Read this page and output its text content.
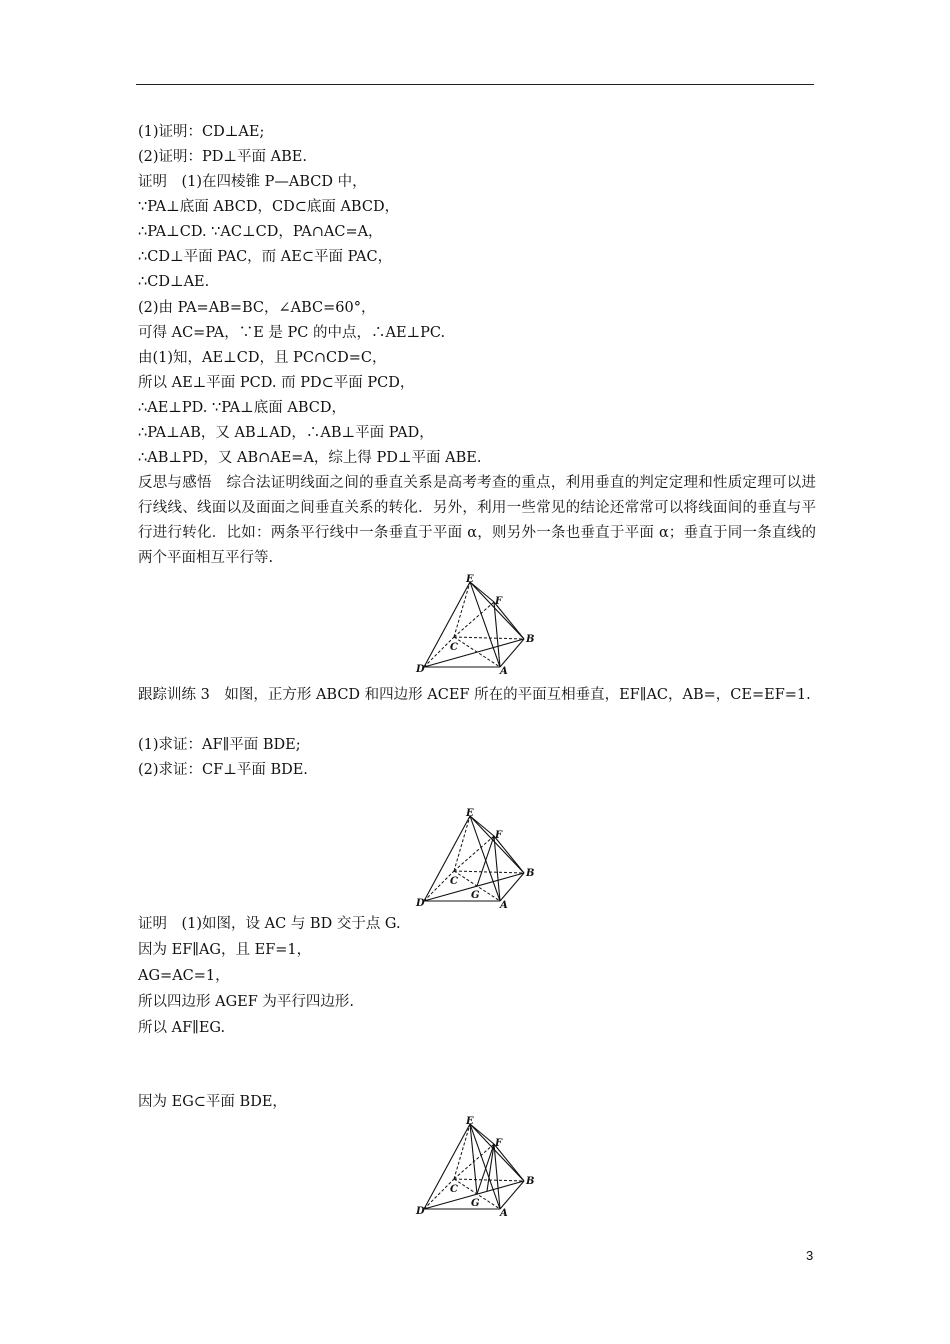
(1)证明：CD⊥AE;
(2)证明：PD⊥平面 ABE.
证明　(1)在四棱锥 P—ABCD 中，
∵PA⊥底面 ABCD，CD⊂底面 ABCD，
∴PA⊥CD. ∵AC⊥CD，PA∩AC=A，
∴CD⊥平面 PAC，而 AE⊂平面 PAC，
∴CD⊥AE.
(2)由 PA=AB=BC，∠ABC=60°，
可得 AC=PA，∵E 是 PC 的中点，∴AE⊥PC.
由(1)知，AE⊥CD，且 PC∩CD=C，
所以 AE⊥平面 PCD. 而 PD⊂平面 PCD，
∴AE⊥PD. ∵PA⊥底面 ABCD，
∴PA⊥AB，又 AB⊥AD，∴AB⊥平面 PAD，
∴AB⊥PD，又 AB∩AE=A，综上得 PD⊥平面 ABE.
反思与感悟　综合法证明线面之间的垂直关系是高考考查的重点，利用垂直的判定定理和性质定理可以进行线线、线面以及面面之间垂直关系的转化．另外，利用一些常见的结论还常常可以将线面间的垂直与平行进行转化．比如：两条平行线中一条垂直于平面 α，则另外一条也垂直于平面 α；垂直于同一条直线的两个平面相互平行等.
E
F
B
C
D	A
跟踪训练 3　如图，正方形 ABCD 和四边形 ACEF 所在的平面互相垂直，EF∥AC，AB=，CE=EF=1.
(1)求证：AF∥平面 BDE;
(2)求证：CF⊥平面 BDE.
E
F
B
C
G
D	A
证明　(1)如图，设 AC 与 BD 交于点 G.
因为 EF∥AG，且 EF=1，
AG=AC=1，
所以四边形 AGEF 为平行四边形.
所以 AF∥EG.
因为 EG⊂平面 BDE，
E
F
B
C
G
D	A
3
